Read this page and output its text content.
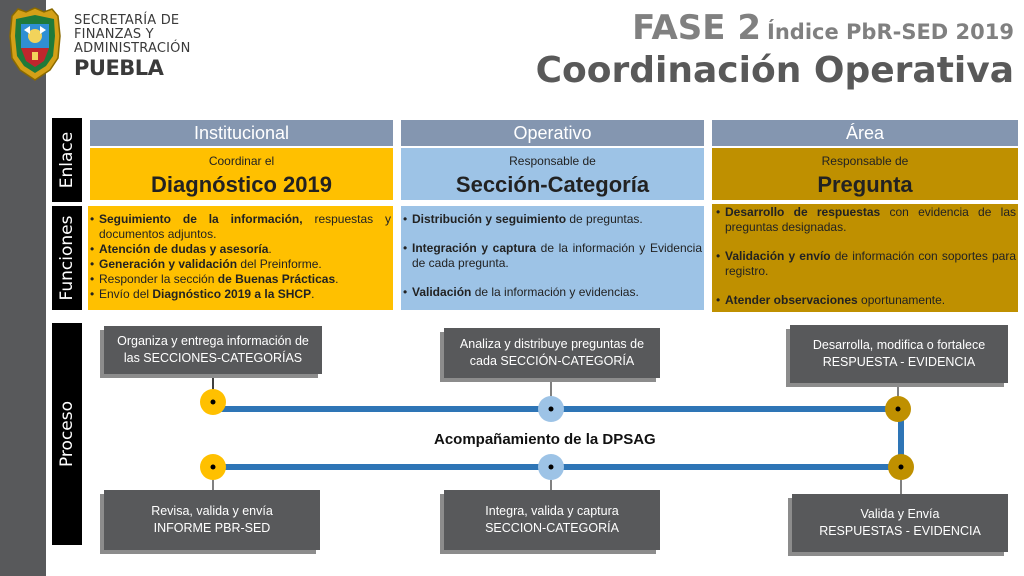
SECRETARÍA DE
FINANZAS Y
ADMINISTRACIÓN
PUEBLA
FASE 2 Índice PbR-SED 2019
Coordinación Operativa
Enlace
Funciones
Proceso
Institucional	Operativo	Área
Coordinar el
Diagnóstico 2019
Responsable de
Sección-Categoría
Responsable de
Pregunta
• Seguimiento de la información, respuestas y documentos adjuntos.
• Atención de dudas y asesoría.
• Generación y validación del Preinforme.
• Responder la sección de Buenas Prácticas.
• Envío del Diagnóstico 2019 a la SHCP.
• Distribución y seguimiento de preguntas.
• Integración y captura de la información y Evidencia de cada pregunta.
• Validación de la información y evidencias.
• Desarrollo de respuestas con evidencia de las preguntas designadas.
• Validación y envío de información con soportes para registro.
• Atender observaciones oportunamente.
Organiza y entrega información de
las SECCIONES-CATEGORÍAS
Analiza y distribuye preguntas de
cada SECCIÓN-CATEGORÍA
Desarrolla, modifica o fortalece
RESPUESTA - EVIDENCIA
Acompañamiento de la DPSAG
Revisa, valida y envía
INFORME PBR-SED
Integra, valida y captura
SECCION-CATEGORÍA
Valida y Envía
RESPUESTAS - EVIDENCIA
